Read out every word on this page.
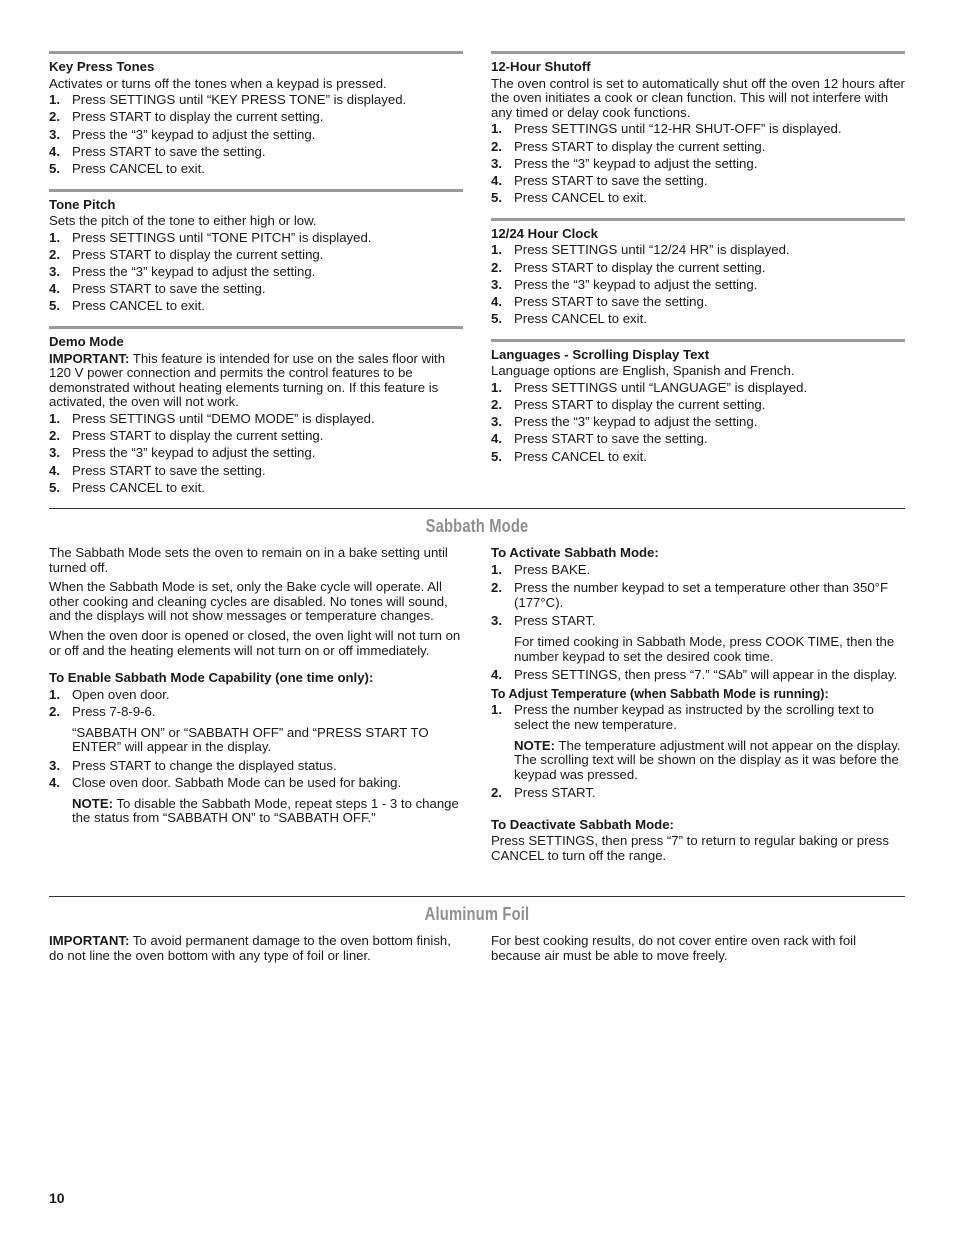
Key Press Tones
Activates or turns off the tones when a keypad is pressed.
1. Press SETTINGS until “KEY PRESS TONE” is displayed.
2. Press START to display the current setting.
3. Press the “3” keypad to adjust the setting.
4. Press START to save the setting.
5. Press CANCEL to exit.
Tone Pitch
Sets the pitch of the tone to either high or low.
1. Press SETTINGS until “TONE PITCH” is displayed.
2. Press START to display the current setting.
3. Press the “3” keypad to adjust the setting.
4. Press START to save the setting.
5. Press CANCEL to exit.
Demo Mode
IMPORTANT: This feature is intended for use on the sales floor with 120 V power connection and permits the control features to be demonstrated without heating elements turning on. If this feature is activated, the oven will not work.
1. Press SETTINGS until “DEMO MODE” is displayed.
2. Press START to display the current setting.
3. Press the “3” keypad to adjust the setting.
4. Press START to save the setting.
5. Press CANCEL to exit.
12-Hour Shutoff
The oven control is set to automatically shut off the oven 12 hours after the oven initiates a cook or clean function. This will not interfere with any timed or delay cook functions.
1. Press SETTINGS until “12-HR SHUT-OFF” is displayed.
2. Press START to display the current setting.
3. Press the “3” keypad to adjust the setting.
4. Press START to save the setting.
5. Press CANCEL to exit.
12/24 Hour Clock
1. Press SETTINGS until “12/24 HR” is displayed.
2. Press START to display the current setting.
3. Press the “3” keypad to adjust the setting.
4. Press START to save the setting.
5. Press CANCEL to exit.
Languages - Scrolling Display Text
Language options are English, Spanish and French.
1. Press SETTINGS until “LANGUAGE” is displayed.
2. Press START to display the current setting.
3. Press the “3” keypad to adjust the setting.
4. Press START to save the setting.
5. Press CANCEL to exit.
Sabbath Mode
The Sabbath Mode sets the oven to remain on in a bake setting until turned off.
When the Sabbath Mode is set, only the Bake cycle will operate. All other cooking and cleaning cycles are disabled. No tones will sound, and the displays will not show messages or temperature changes.
When the oven door is opened or closed, the oven light will not turn on or off and the heating elements will not turn on or off immediately.
To Enable Sabbath Mode Capability (one time only):
1. Open oven door.
2. Press 7-8-9-6.
“SABBATH ON” or “SABBATH OFF” and “PRESS START TO ENTER” will appear in the display.
3. Press START to change the displayed status.
4. Close oven door. Sabbath Mode can be used for baking.
NOTE: To disable the Sabbath Mode, repeat steps 1 - 3 to change the status from “SABBATH ON” to “SABBATH OFF.”
To Activate Sabbath Mode:
1. Press BAKE.
2. Press the number keypad to set a temperature other than 350°F (177°C).
3. Press START.
For timed cooking in Sabbath Mode, press COOK TIME, then the number keypad to set the desired cook time.
4. Press SETTINGS, then press “7.” “SAb” will appear in the display.
To Adjust Temperature (when Sabbath Mode is running):
1. Press the number keypad as instructed by the scrolling text to select the new temperature.
NOTE: The temperature adjustment will not appear on the display. The scrolling text will be shown on the display as it was before the keypad was pressed.
2. Press START.
To Deactivate Sabbath Mode:
Press SETTINGS, then press “7” to return to regular baking or press CANCEL to turn off the range.
Aluminum Foil
IMPORTANT: To avoid permanent damage to the oven bottom finish, do not line the oven bottom with any type of foil or liner.
For best cooking results, do not cover entire oven rack with foil because air must be able to move freely.
10
